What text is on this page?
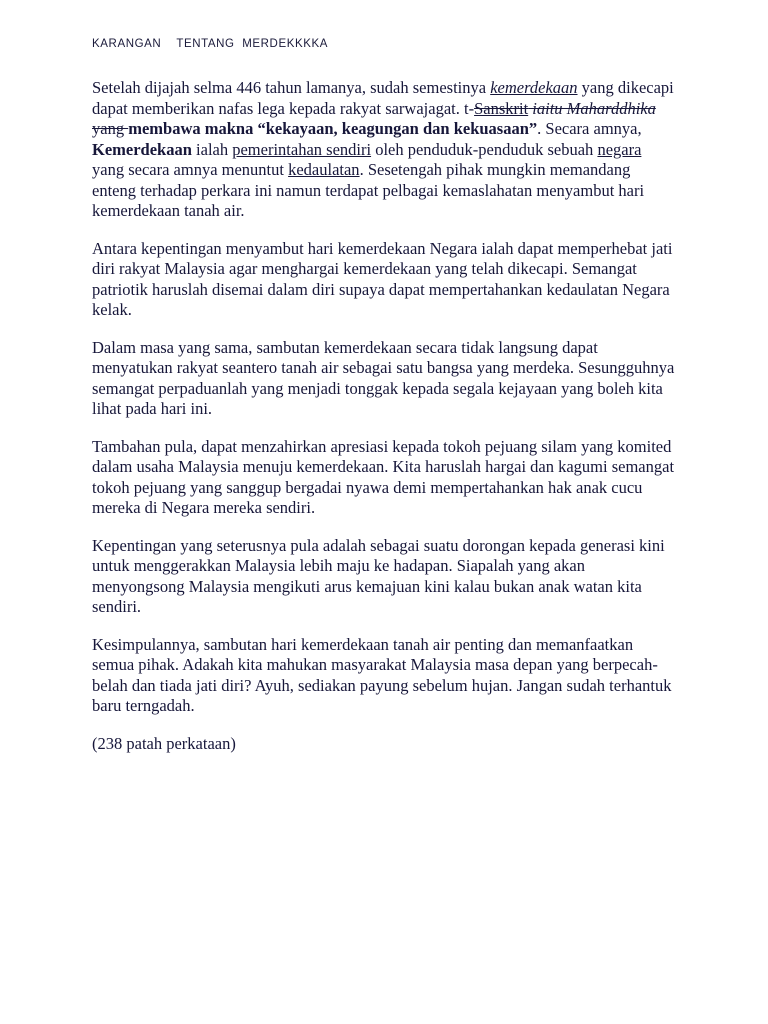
KARANGAN    TENTANG  MERDEKKKKA

Setelah dijajah selma 446 tahun lamanya, sudah semestinya kemerdekaan yang dikecapi dapat memberikan nafas lega kepada rakyat sarwajagat. t-Sanskrit iaitu Maharddhika yang membawa makna “kekayaan, keagungan dan kekuasaan”. Secara amnya, Kemerdekaan ialah pemerintahan sendiri oleh penduduk-penduduk sebuah negara yang secara amnya menuntut kedaulatan. Sesetengah pihak mungkin memandang enteng terhadap perkara ini namun terdapat pelbagai kemaslahatan menyambut hari kemerdekaan tanah air.

Antara kepentingan menyambut hari kemerdekaan Negara ialah dapat memperhebat jati diri rakyat Malaysia agar menghargai kemerdekaan yang telah dikecapi. Semangat patriotik haruslah disemai dalam diri supaya dapat mempertahankan kedaulatan Negara kelak.

Dalam masa yang sama, sambutan kemerdekaan secara tidak langsung dapat menyatukan rakyat seantero tanah air sebagai satu bangsa yang merdeka. Sesungguhnya semangat perpaduanlah yang menjadi tonggak kepada segala kejayaan yang boleh kita lihat pada hari ini.

Tambahan pula, dapat menzahirkan apresiasi kepada tokoh pejuang silam yang komited dalam usaha Malaysia menuju kemerdekaan. Kita haruslah hargai dan kagumi semangat tokoh pejuang yang sanggup bergadai nyawa demi mempertahankan hak anak cucu mereka di Negara mereka sendiri.

Kepentingan yang seterusnya pula adalah sebagai suatu dorongan kepada generasi kini untuk menggerakkan Malaysia lebih maju ke hadapan. Siapalah yang akan menyongsong Malaysia mengikuti arus kemajuan kini kalau bukan anak watan kita sendiri.

Kesimpulannya, sambutan hari kemerdekaan tanah air penting dan memanfaatkan semua pihak. Adakah kita mahukan masyarakat Malaysia masa depan yang berpecah-belah dan tiada jati diri? Ayuh, sediakan payung sebelum hujan. Jangan sudah terhantuk baru terngadah.

(238 patah perkataan)
